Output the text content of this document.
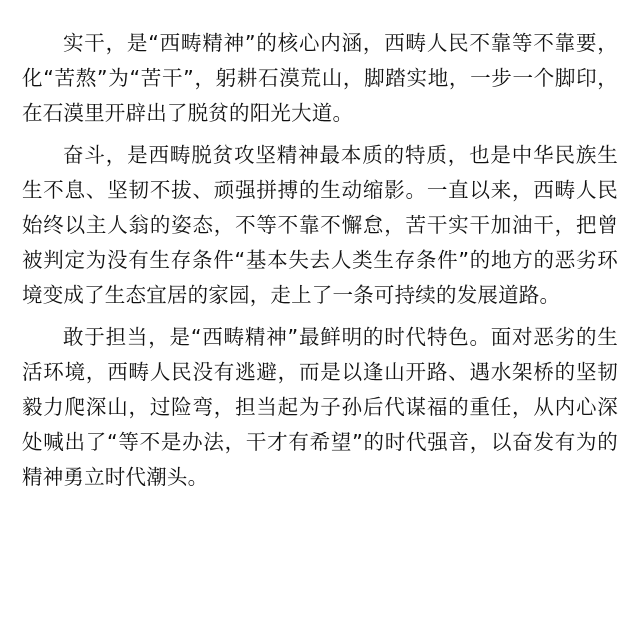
实干，是“西畴精神”的核心内涵，西畴人民不靠等不靠要，化“苦熬”为“苦干”，躬耕石漠荒山，脚踏实地，一步一个脚印，在石漠里开辟出了脱贫的阳光大道。

奋斗，是西畴脱贫攻坚精神最本质的特质，也是中华民族生生不息、坚韧不拔、顽强拼搏的生动缩影。一直以来，西畴人民始终以主人翁的姿态，不等不靠不懈怠，苦干实干加油干，把曾被判定为没有生存条件“基本失去人类生存条件”的地方的恶劣环境变成了生态宜居的家园，走上了一条可持续的发展道路。

敢于担当，是“西畴精神”最鲜明的时代特色。面对恶劣的生活环境，西畴人民没有逃避，而是以逢山开路、遇水架桥的坚韧毅力爬深山，过险弯，担当起为子孙后代谋福的重任，从内心深处喊出了“等不是办法，干才有希望”的时代强音，以奋发有为的精神勇立时代潮头。
